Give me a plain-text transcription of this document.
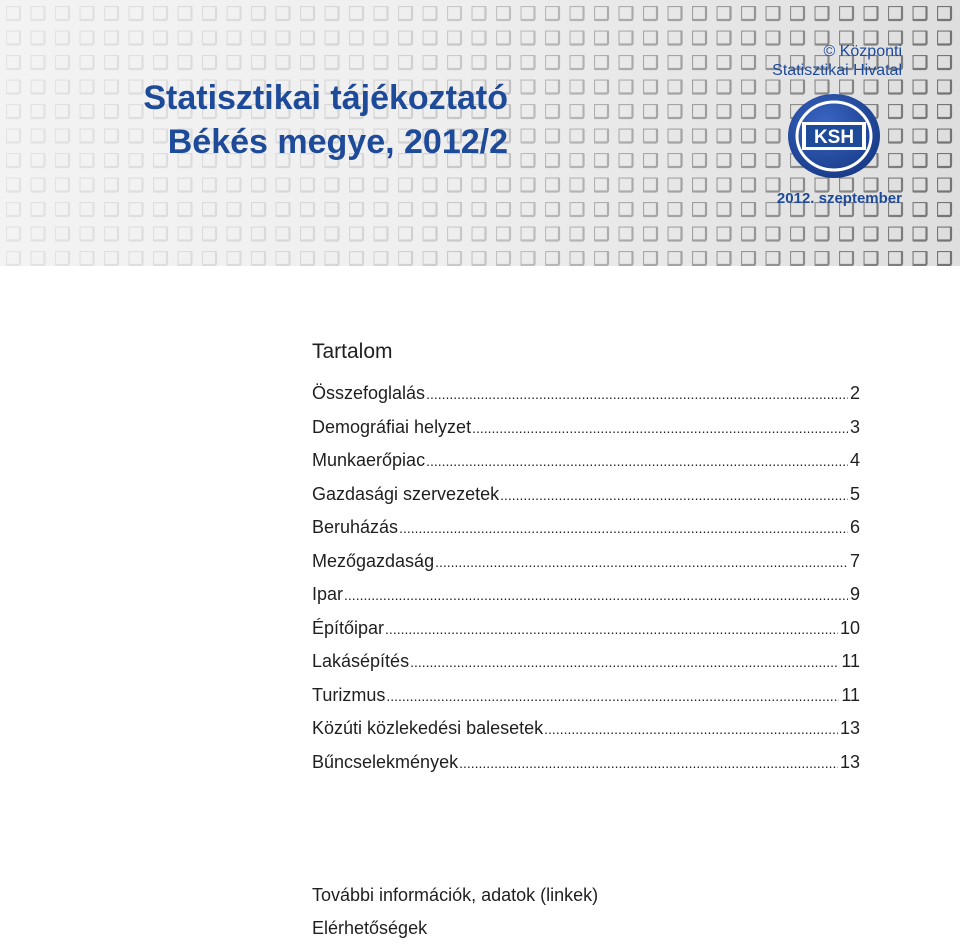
Statisztikai tájékoztató
Békés megye, 2012/2
© Központi
Statisztikai Hivatal
KSH
2012. szeptember
Tartalom
Összefoglalás .....	2
Demográfiai helyzet .....	3
Munkaerőpiac .....	4
Gazdasági szervezetek .....	5
Beruházás .....	6
Mezőgazdaság .....	7
Ipar .....	9
Építőipar .....	10
Lakásépítés .....	11
Turizmus .....	11
Közúti közlekedési balesetek .....	13
Bűncselekmények .....	13
További információk, adatok (linkek)
Elérhetőségek
